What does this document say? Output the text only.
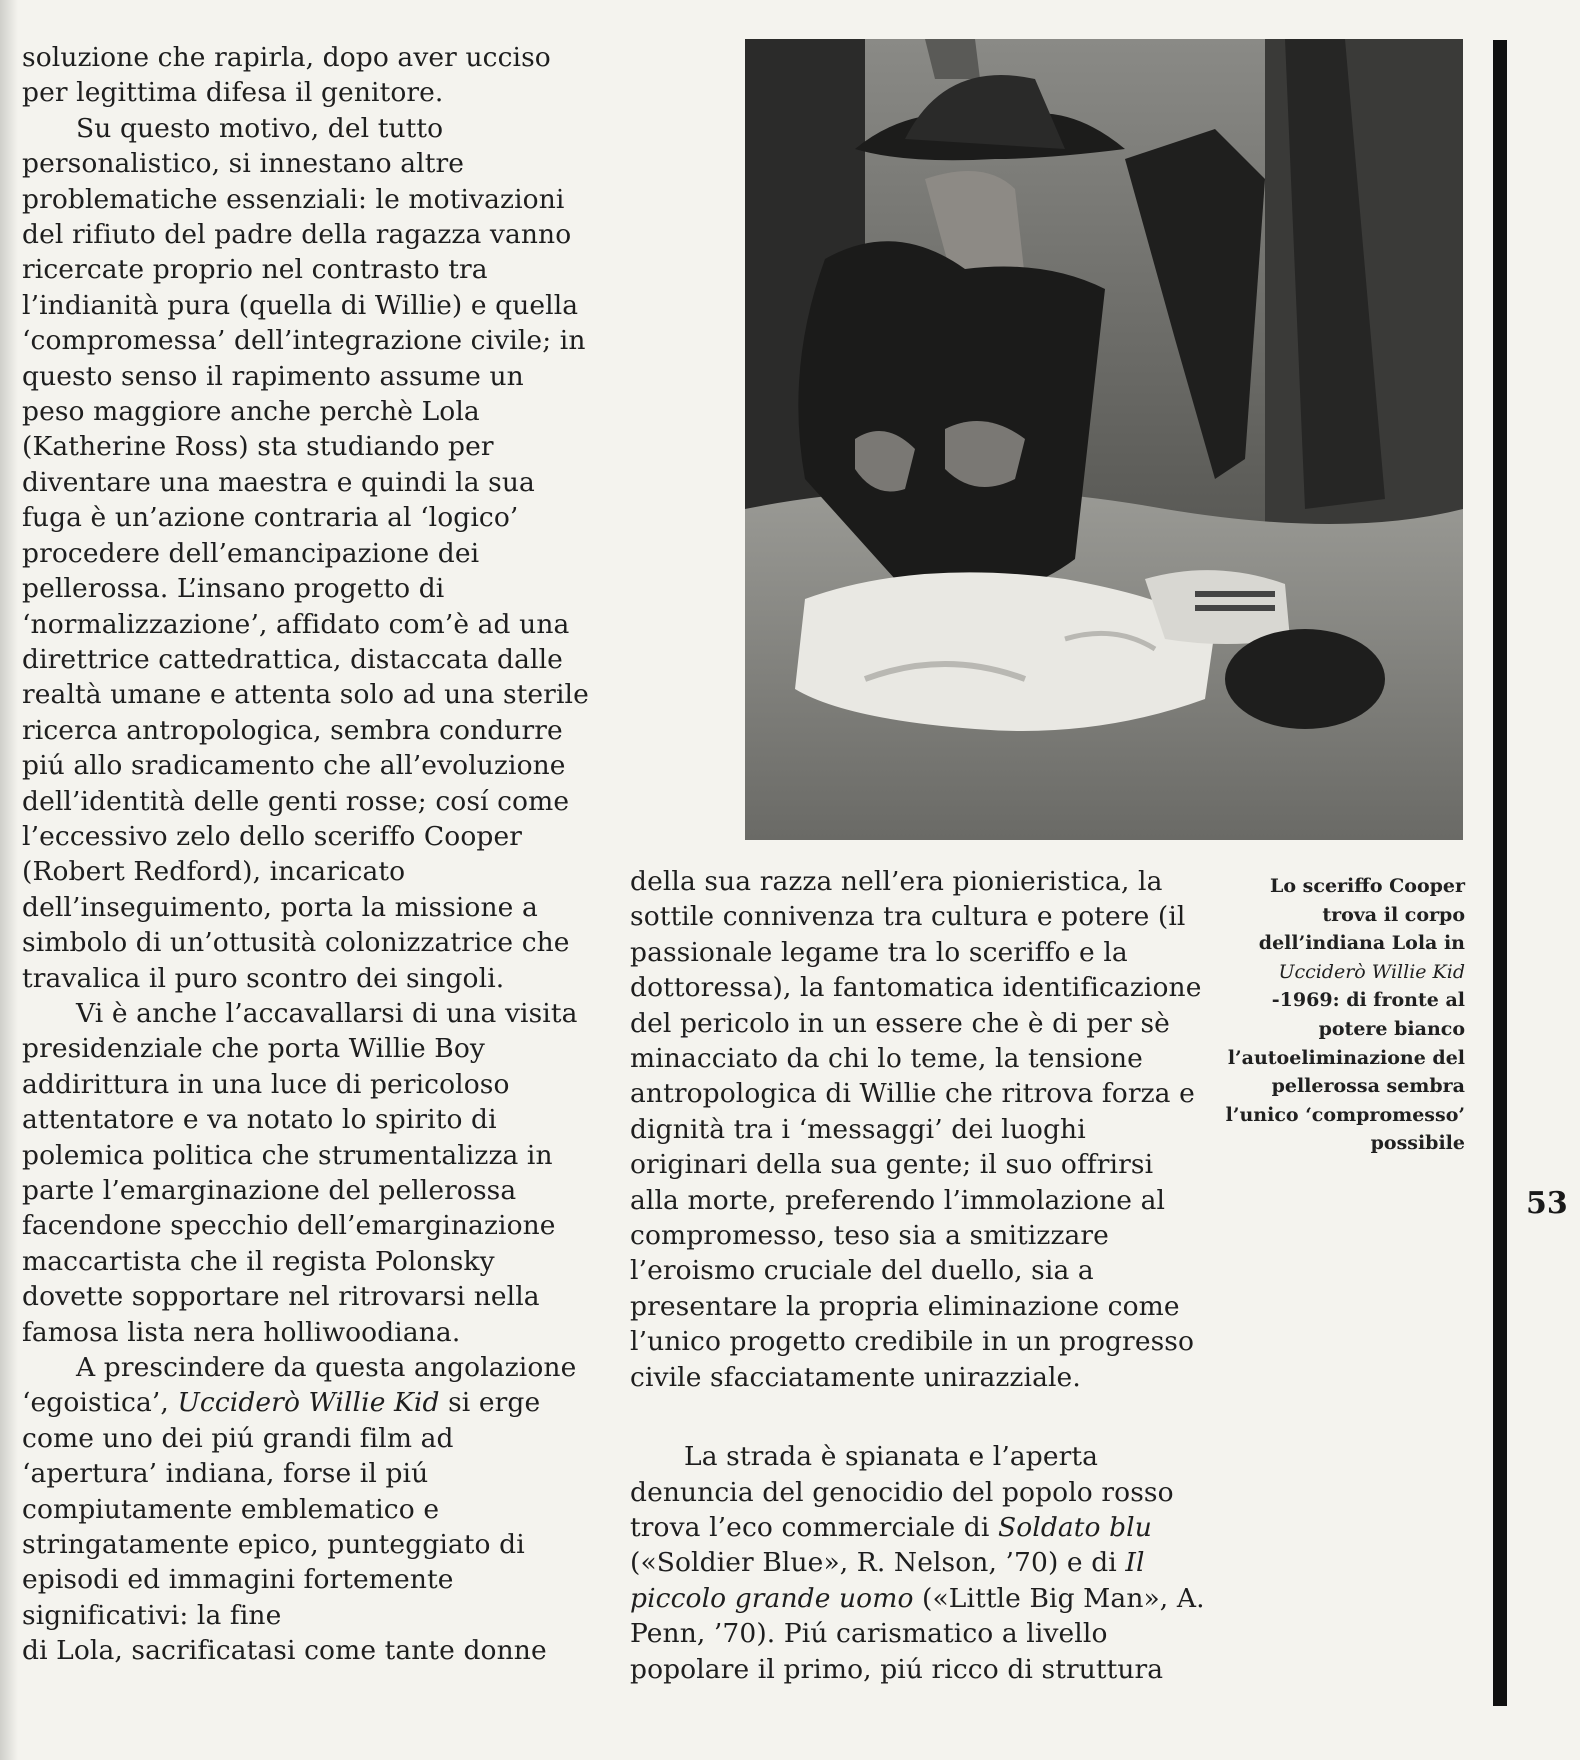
soluzione che rapirla, dopo aver ucciso

per legittima difesa il genitore.

Su questo motivo, del tutto

personalistico, si innestano altre

problematiche essenziali: le motivazioni

del rifiuto del padre della ragazza vanno

ricercate proprio nel contrasto tra

l’indianità pura (quella di Willie) e quella

‘compromessa’ dell’integrazione civile; in

questo senso il rapimento assume un

peso maggiore anche perchè Lola

(Katherine Ross) sta studiando per

diventare una maestra e quindi la sua

fuga è un’azione contraria al ‘logico’

procedere dell’emancipazione dei

pellerossa. L’insano progetto di

‘normalizzazione’, affidato com’è ad una

direttrice cattedrattica, distaccata dalle

realtà umane e attenta solo ad una sterile

ricerca antropologica, sembra condurre

piú allo sradicamento che all’evoluzione

dell’identità delle genti rosse; cosí come

l’eccessivo zelo dello sceriffo Cooper

(Robert Redford), incaricato

dell’inseguimento, porta la missione a

simbolo di un’ottusità colonizzatrice che

travalica il puro scontro dei singoli.

Vi è anche l’accavallarsi di una visita

presidenziale che porta Willie Boy

addirittura in una luce di pericoloso

attentatore e va notato lo spirito di

polemica politica che strumentalizza in

parte l’emarginazione del pellerossa

facendone specchio dell’emarginazione

maccartista che il regista Polonsky

dovette sopportare nel ritrovarsi nella

famosa lista nera holliwoodiana.

A prescindere da questa angolazione

‘egoistica’, Ucciderò Willie Kid si erge

come uno dei piú grandi film ad

‘apertura’ indiana, forse il piú

compiutamente emblematico e

stringatamente epico, punteggiato di

episodi ed immagini fortemente

significativi: la fine

di Lola, sacrificatasi come tante donne

della sua razza nell’era pionieristica, la

sottile connivenza tra cultura e potere (il

passionale legame tra lo sceriffo e la

dottoressa), la fantomatica identificazione

del pericolo in un essere che è di per sè

minacciato da chi lo teme, la tensione

antropologica di Willie che ritrova forza e

dignità tra i ‘messaggi’ dei luoghi

originari della sua gente; il suo offrirsi

alla morte, preferendo l’immolazione al

compromesso, teso sia a smitizzare

l’eroismo cruciale del duello, sia a

presentare la propria eliminazione come

l’unico progetto credibile in un progresso

civile sfacciatamente unirazziale.

La strada è spianata e l’aperta

denuncia del genocidio del popolo rosso

trova l’eco commerciale di Soldato blu

(«Soldier Blue», R. Nelson, ’70) e di Il

piccolo grande uomo («Little Big Man», A.

Penn, ’70). Piú carismatico a livello

popolare il primo, piú ricco di struttura

Lo sceriffo Cooper

trova il corpo

dell’indiana Lola in

Ucciderò Willie Kid

-1969: di fronte al

potere bianco

l’autoeliminazione del

pellerossa sembra

l’unico ‘compromesso’

possibile

53
